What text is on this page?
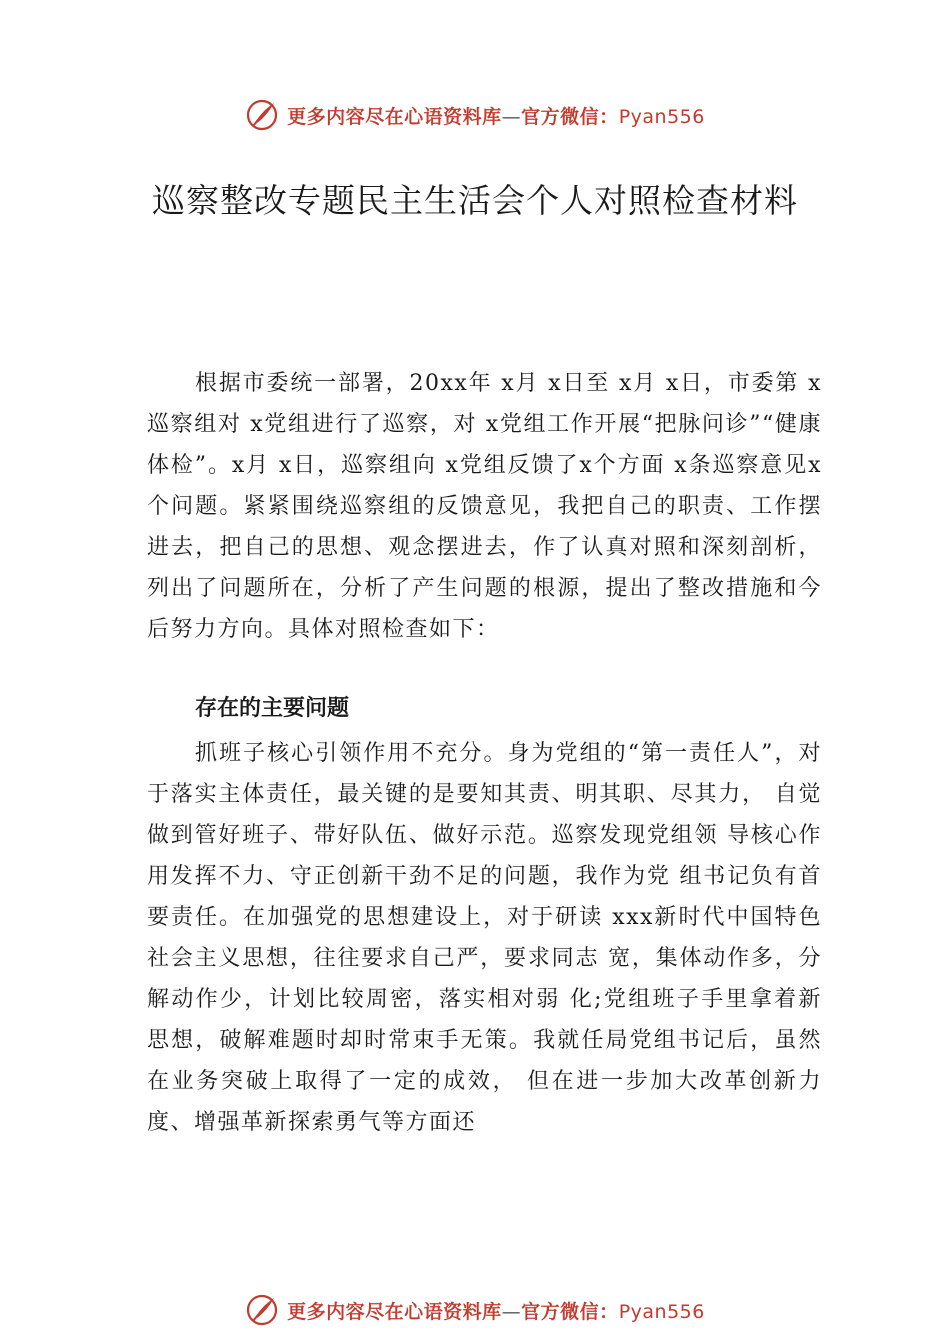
更多内容尽在心语资料库—官方微信：Pyan556
巡察整改专题民主生活会个人对照检查材料

根据市委统一部署，20xx年 x月 x日至 x月 x日，市委第 x巡察组对 x党组进行了巡察，对 x党组工作开展“把脉问诊”“健康体检”。x月 x日，巡察组向 x党组反馈了x个方面 x条巡察意见x个问题。紧紧围绕巡察组的反馈意见，我把自己的职责、工作摆进去，把自己的思想、观念摆进去，作了认真对照和深刻剖析，列出了问题所在，分析了产生问题的根源，提出了整改措施和今后努力方向。具体对照检查如下：

存在的主要问题

抓班子核心引领作用不充分。身为党组的“第一责任人”，对于落实主体责任，最关键的是要知其责、明其职、尽其力， 自觉做到管好班子、带好队伍、做好示范。巡察发现党组领 导核心作用发挥不力、守正创新干劲不足的问题，我作为党 组书记负有首要责任。在加强党的思想建设上，对于研读 xxx新时代中国特色社会主义思想，往往要求自己严，要求同志 宽，集体动作多，分解动作少，计划比较周密，落实相对弱 化;党组班子手里拿着新思想，破解难题时却时常束手无策。我就任局党组书记后，虽然在业务突破上取得了一定的成效， 但在进一步加大改革创新力度、增强革新探索勇气等方面还

更多内容尽在心语资料库—官方微信：Pyan556
